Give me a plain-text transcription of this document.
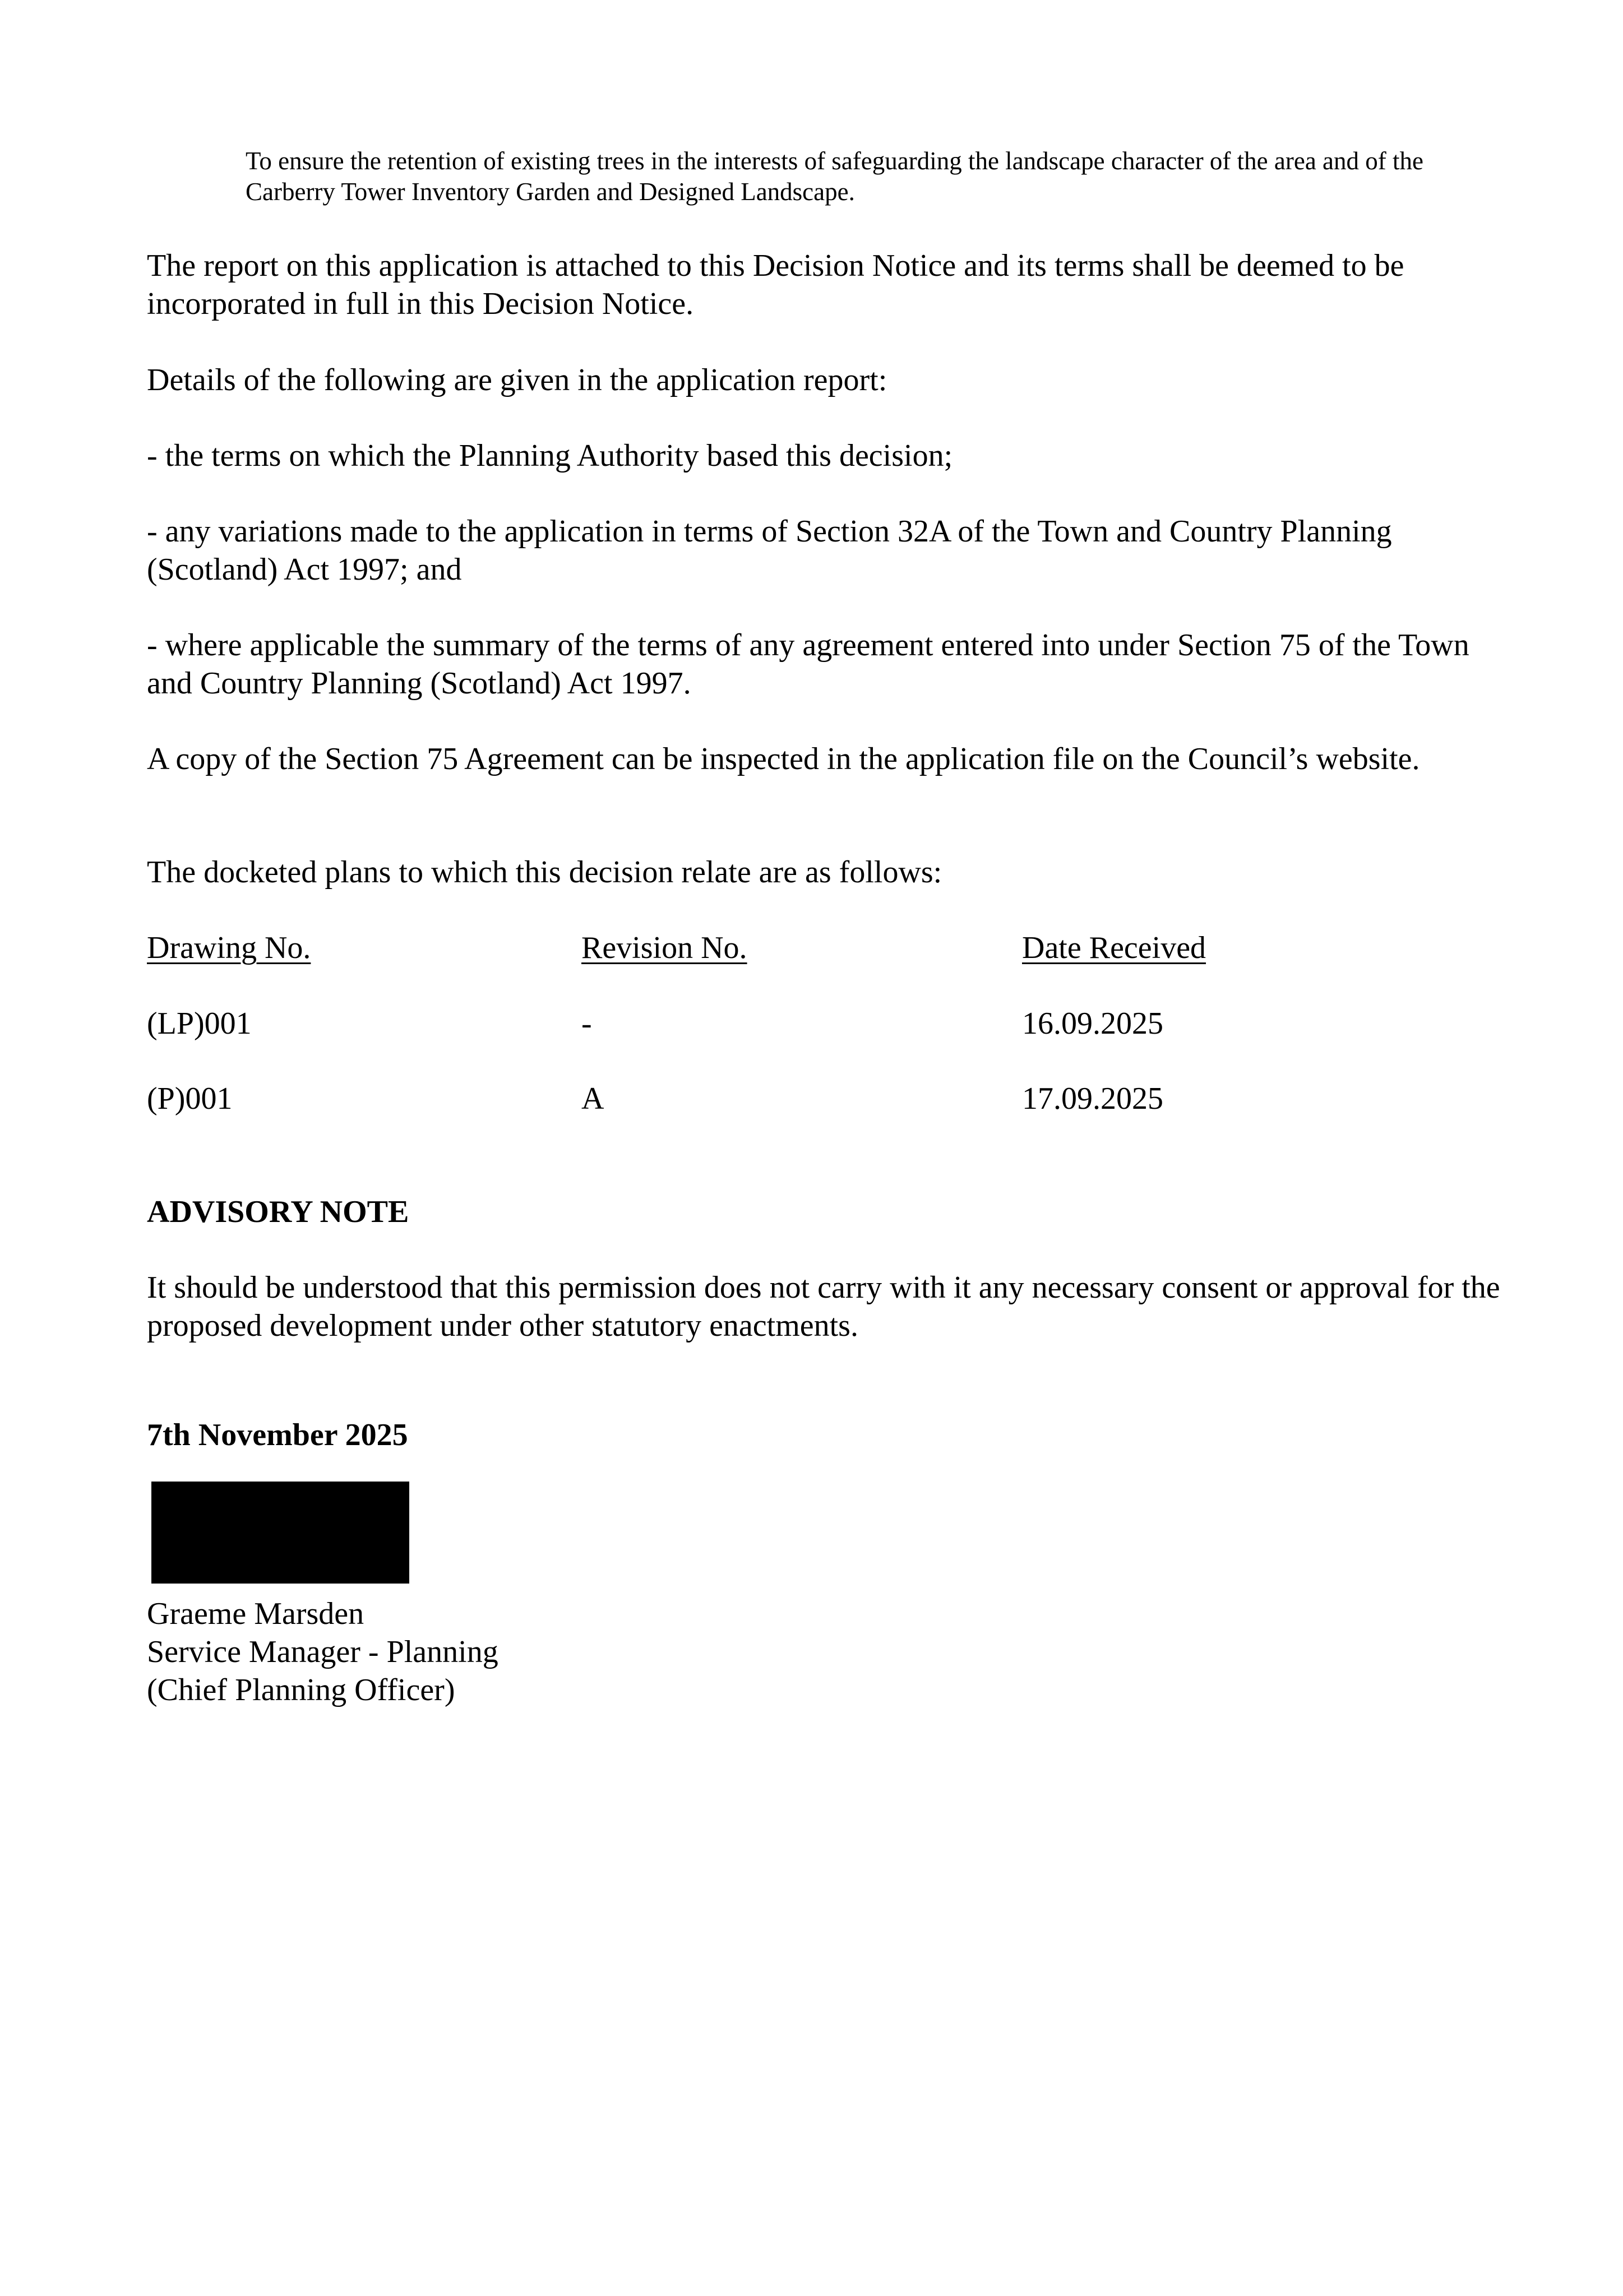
To ensure the retention of existing trees in the interests of safeguarding the landscape character of the area and of the Carberry Tower Inventory Garden and Designed Landscape.

The report on this application is attached to this Decision Notice and its terms shall be deemed to be incorporated in full in this Decision Notice.

Details of the following are given in the application report:

- the terms on which the Planning Authority based this decision;

- any variations made to the application in terms of Section 32A of the Town and Country Planning (Scotland) Act 1997; and

- where applicable the summary of the terms of any agreement entered into under Section 75 of the Town and Country Planning (Scotland) Act 1997.

A copy of the Section 75 Agreement can be inspected in the application file on the Council’s website.

The docketed plans to which this decision relate are as follows:

Drawing No.	Revision No.	Date Received

(LP)001	-	16.09.2025

(P)001	A	17.09.2025

ADVISORY NOTE

It should be understood that this permission does not carry with it any necessary consent or approval for the proposed development under other statutory enactments.

7th November 2025

Graeme Marsden

Service Manager - Planning

(Chief Planning Officer)
